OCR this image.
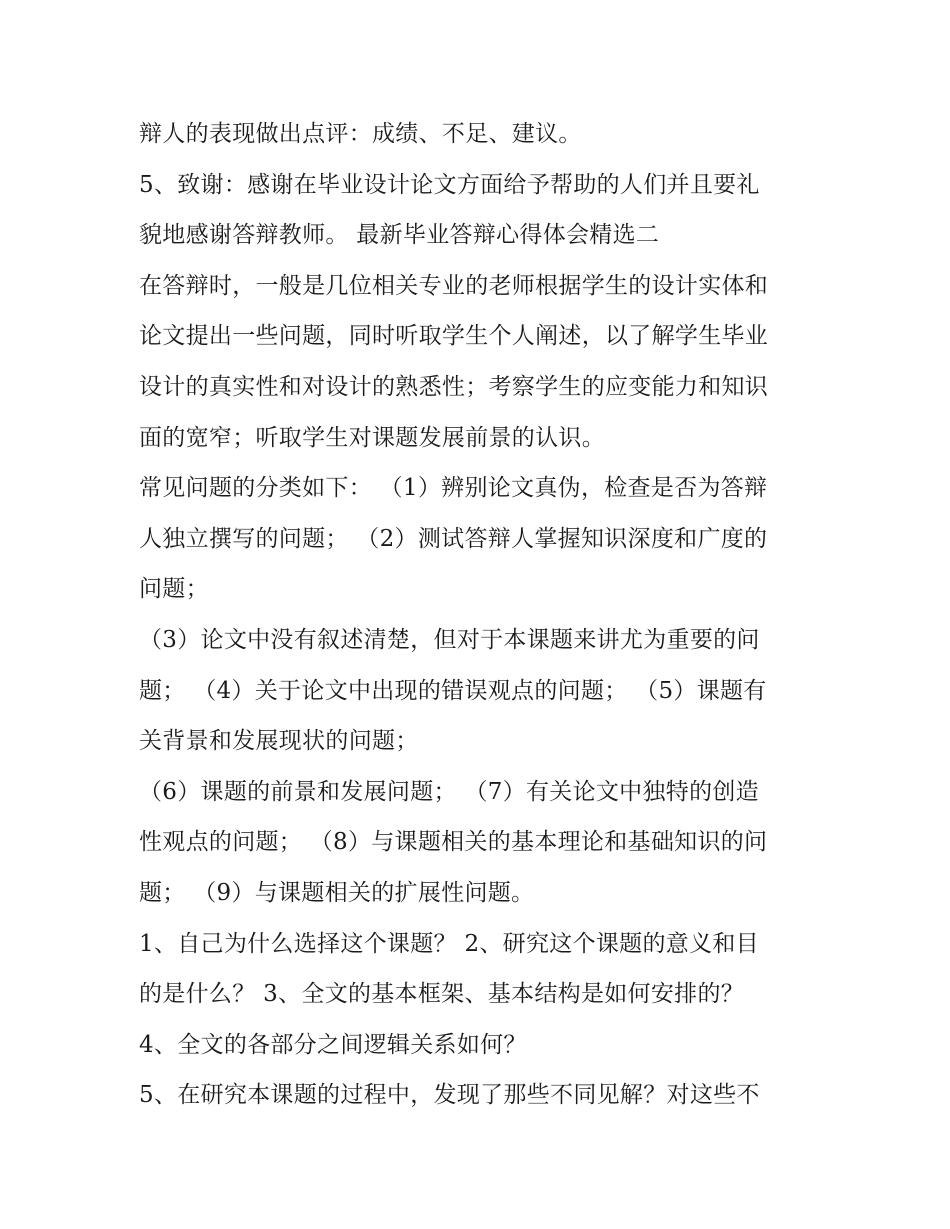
辩人的表现做出点评：成绩、不足、建议。
5、致谢：感谢在毕业设计论文方面给予帮助的人们并且要礼
貌地感谢答辩教师。 最新毕业答辩心得体会精选二
在答辩时，一般是几位相关专业的老师根据学生的设计实体和
论文提出一些问题，同时听取学生个人阐述，以了解学生毕业
设计的真实性和对设计的熟悉性；考察学生的应变能力和知识
面的宽窄；听取学生对课题发展前景的认识。
常见问题的分类如下： （1）辨别论文真伪，检查是否为答辩
人独立撰写的问题； （2）测试答辩人掌握知识深度和广度的
问题；
（3）论文中没有叙述清楚，但对于本课题来讲尤为重要的问
题； （4）关于论文中出现的错误观点的问题； （5）课题有
关背景和发展现状的问题；
（6）课题的前景和发展问题； （7）有关论文中独特的创造
性观点的问题； （8）与课题相关的基本理论和基础知识的问
题； （9）与课题相关的扩展性问题。
1、自己为什么选择这个课题？ 2、研究这个课题的意义和目
的是什么？ 3、全文的基本框架、基本结构是如何安排的？
4、全文的各部分之间逻辑关系如何？
5、在研究本课题的过程中，发现了那些不同见解？对这些不
